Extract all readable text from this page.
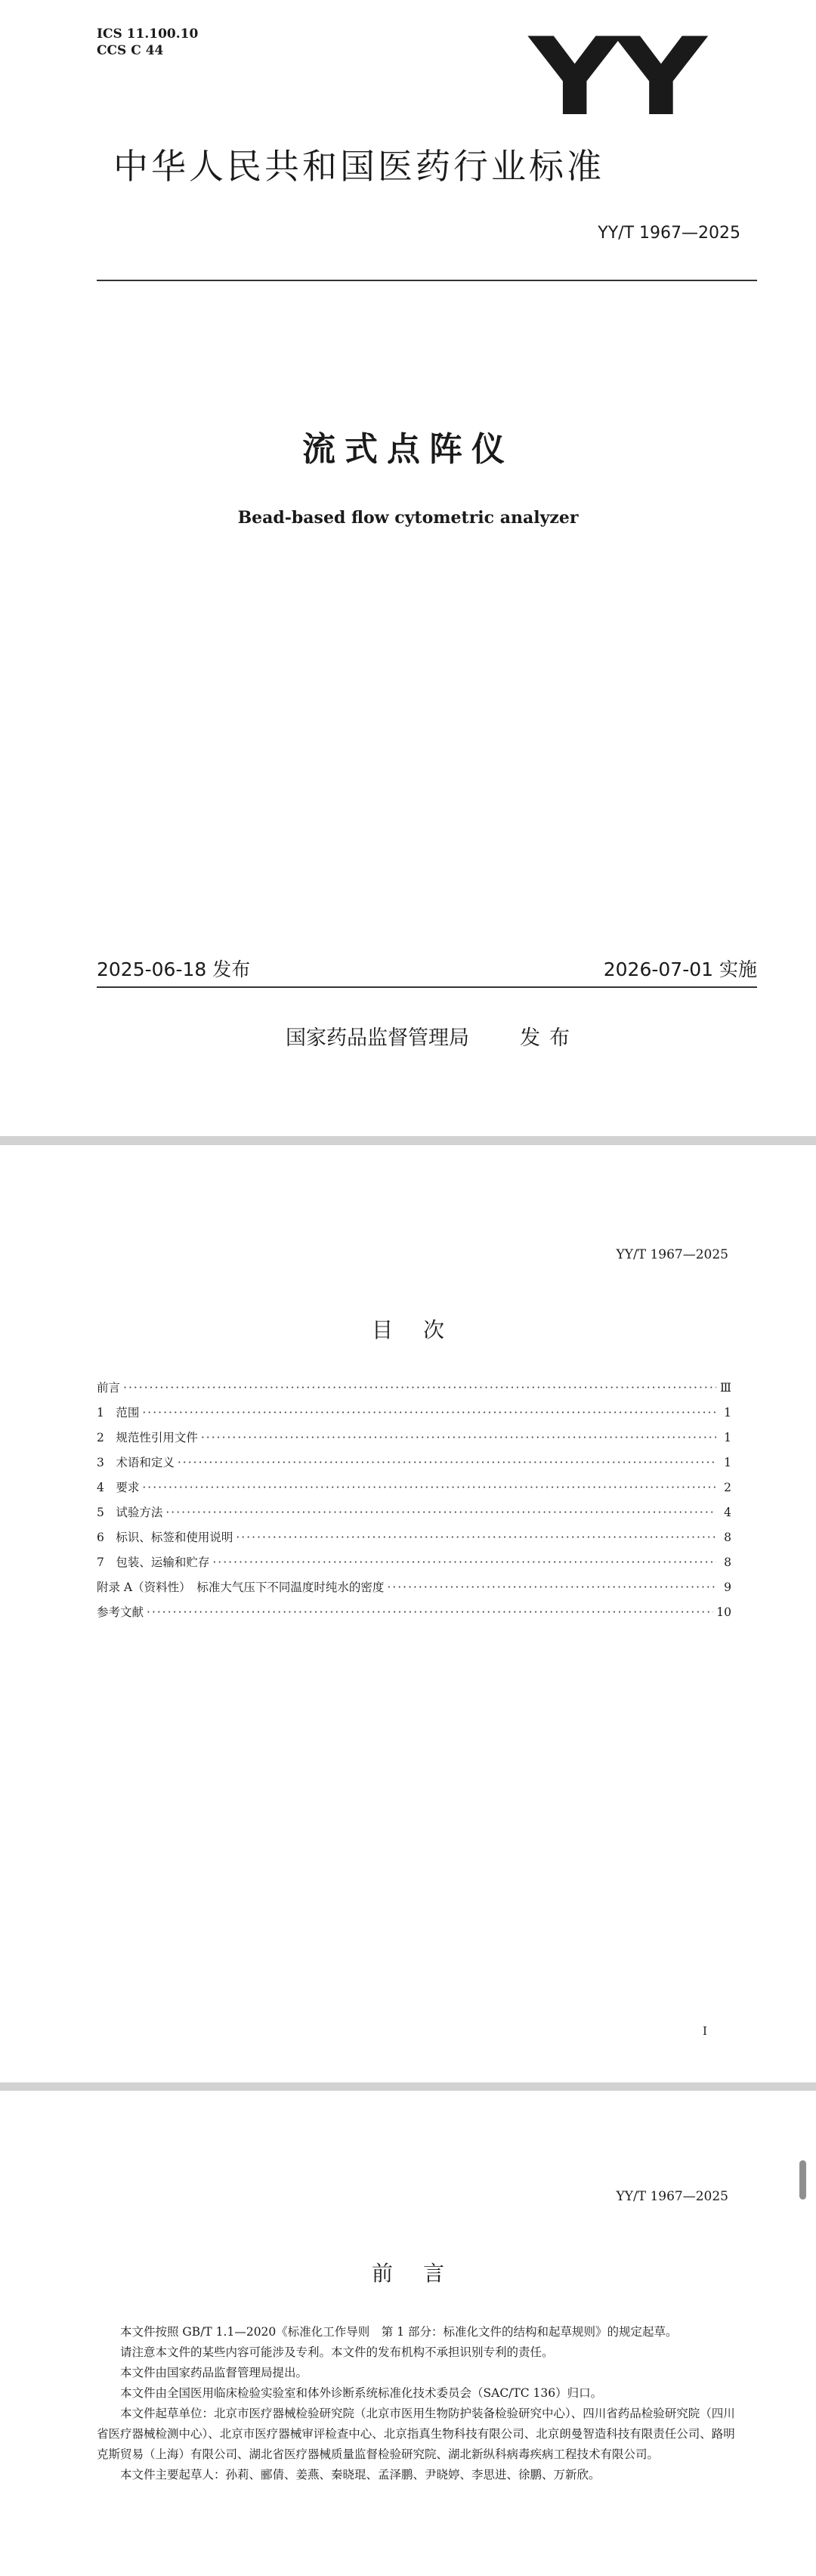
ICS 11.100.10

CCS C 44	YY

中华人民共和国医药行业标准

YY/T 1967—2025

流式点阵仪

Bead-based flow cytometric analyzer

2025-06-18 发布	2026-07-01 实施

国家药品监督管理局 发布

YY/T 1967—2025

目次

前言 ·····	Ⅲ
1　范围 ·····	1
2　规范性引用文件 ·····	1
3　术语和定义 ·····	1
4　要求 ·····	2
5　试验方法 ·····	4
6　标识、标签和使用说明 ·····	8
7　包装、运输和贮存 ·····	8
附录 A（资料性）　标准大气压下不同温度时纯水的密度 ·····	9
参考文献 ·····	10

I

YY/T 1967—2025

前言

本文件按照 GB/T 1.1—2020《标准化工作导则　第 1 部分：标准化文件的结构和起草规则》的规定起草。

请注意本文件的某些内容可能涉及专利。本文件的发布机构不承担识别专利的责任。

本文件由国家药品监督管理局提出。

本文件由全国医用临床检验实验室和体外诊断系统标准化技术委员会（SAC/TC 136）归口。

本文件起草单位：北京市医疗器械检验研究院（北京市医用生物防护装备检验研究中心）、四川省药品检验研究院（四川省医疗器械检测中心）、北京市医疗器械审评检查中心、北京指真生物科技有限公司、北京朗曼智造科技有限责任公司、路明克斯贸易（上海）有限公司、湖北省医疗器械质量监督检验研究院、湖北新纵科病毒疾病工程技术有限公司。

本文件主要起草人：孙莉、郦倩、姜燕、秦晓琨、孟泽鹏、尹晓婷、李思进、徐鹏、万新欣。
